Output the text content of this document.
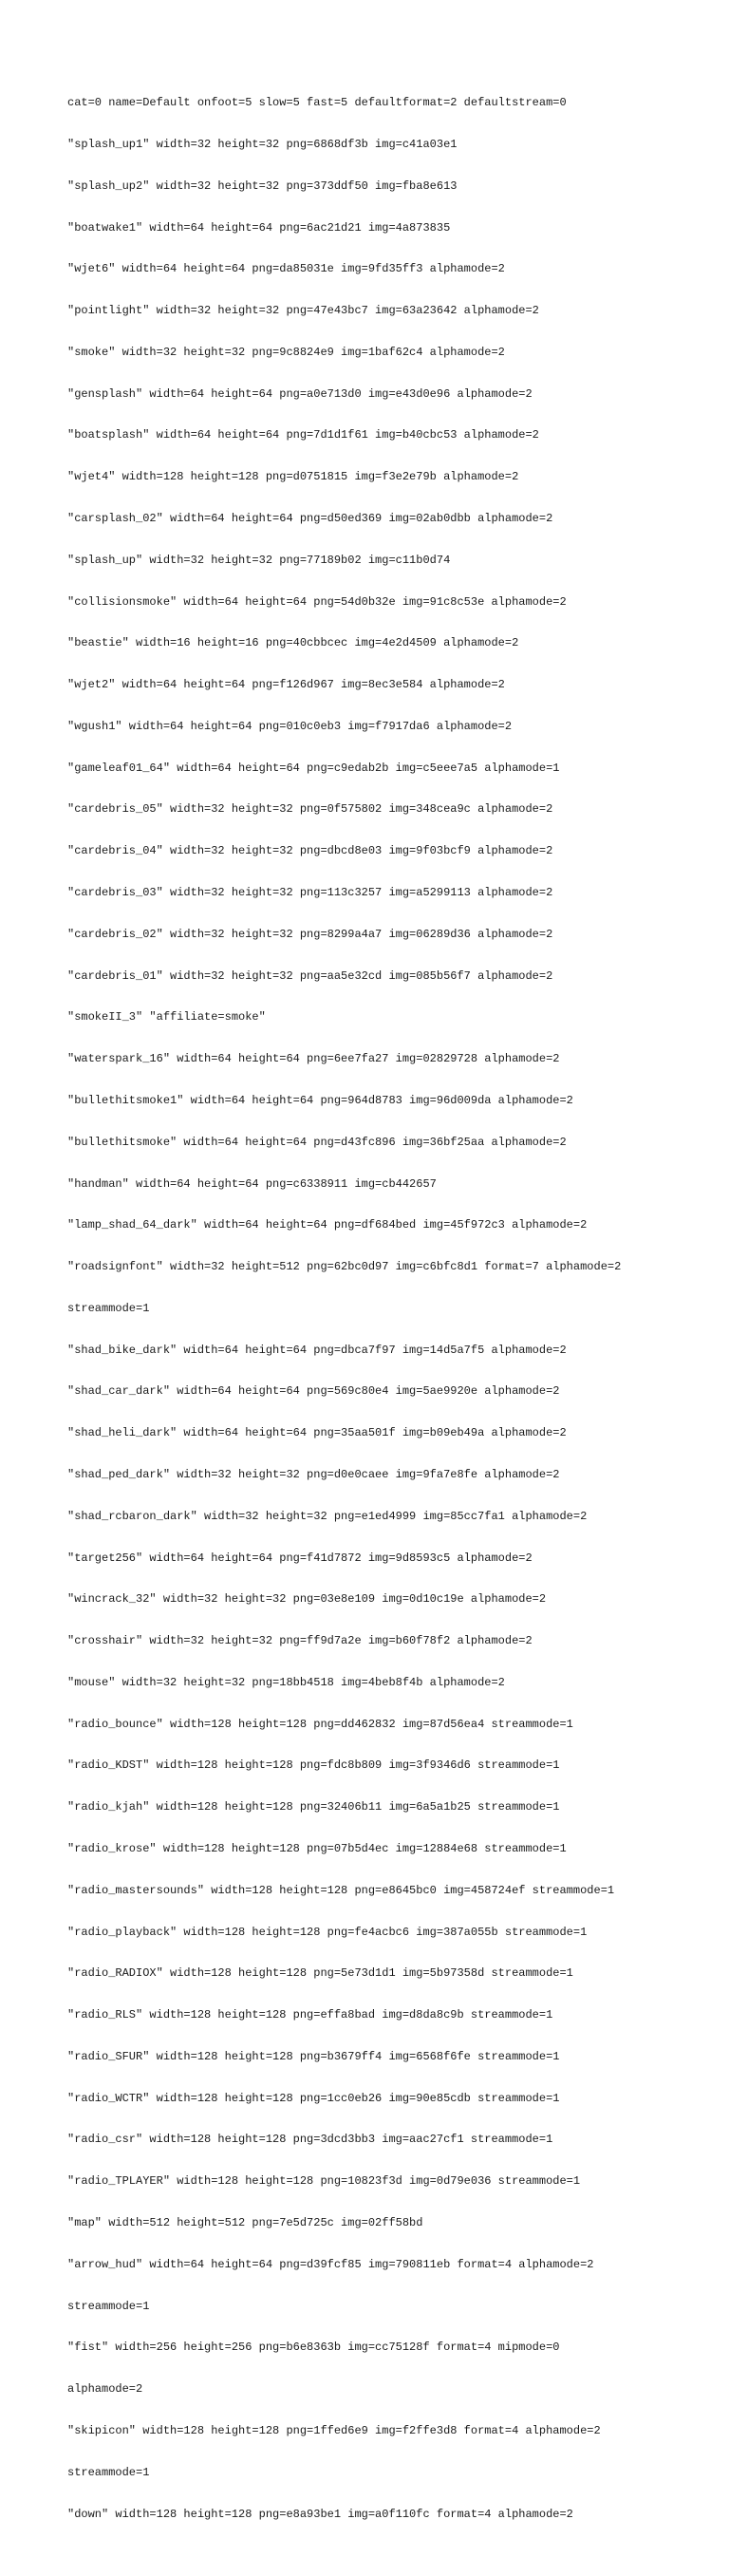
cat=0 name=Default onfoot=5 slow=5 fast=5 defaultformat=2 defaultstream=0

"splash_up1" width=32 height=32 png=6868df3b img=c41a03e1

"splash_up2" width=32 height=32 png=373ddf50 img=fba8e613

"boatwake1" width=64 height=64 png=6ac21d21 img=4a873835

"wjet6" width=64 height=64 png=da85031e img=9fd35ff3 alphamode=2

"pointlight" width=32 height=32 png=47e43bc7 img=63a23642 alphamode=2

"smoke" width=32 height=32 png=9c8824e9 img=1baf62c4 alphamode=2

"gensplash" width=64 height=64 png=a0e713d0 img=e43d0e96 alphamode=2

"boatsplash" width=64 height=64 png=7d1d1f61 img=b40cbc53 alphamode=2

"wjet4" width=128 height=128 png=d0751815 img=f3e2e79b alphamode=2

"carsplash_02" width=64 height=64 png=d50ed369 img=02ab0dbb alphamode=2

"splash_up" width=32 height=32 png=77189b02 img=c11b0d74

"collisionsmoke" width=64 height=64 png=54d0b32e img=91c8c53e alphamode=2

"beastie" width=16 height=16 png=40cbbcec img=4e2d4509 alphamode=2

"wjet2" width=64 height=64 png=f126d967 img=8ec3e584 alphamode=2

"wgush1" width=64 height=64 png=010c0eb3 img=f7917da6 alphamode=2

"gameleaf01_64" width=64 height=64 png=c9edab2b img=c5eee7a5 alphamode=1

"cardebris_05" width=32 height=32 png=0f575802 img=348cea9c alphamode=2

"cardebris_04" width=32 height=32 png=dbcd8e03 img=9f03bcf9 alphamode=2

"cardebris_03" width=32 height=32 png=113c3257 img=a5299113 alphamode=2

"cardebris_02" width=32 height=32 png=8299a4a7 img=06289d36 alphamode=2

"cardebris_01" width=32 height=32 png=aa5e32cd img=085b56f7 alphamode=2

"smokeII_3" "affiliate=smoke"

"waterspark_16" width=64 height=64 png=6ee7fa27 img=02829728 alphamode=2

"bullethitsmoke1" width=64 height=64 png=964d8783 img=96d009da alphamode=2

"bullethitsmoke" width=64 height=64 png=d43fc896 img=36bf25aa alphamode=2

"handman" width=64 height=64 png=c6338911 img=cb442657

"lamp_shad_64_dark" width=64 height=64 png=df684bed img=45f972c3 alphamode=2

"roadsignfont" width=32 height=512 png=62bc0d97 img=c6bfc8d1 format=7 alphamode=2

streammode=1

"shad_bike_dark" width=64 height=64 png=dbca7f97 img=14d5a7f5 alphamode=2

"shad_car_dark" width=64 height=64 png=569c80e4 img=5ae9920e alphamode=2

"shad_heli_dark" width=64 height=64 png=35aa501f img=b09eb49a alphamode=2

"shad_ped_dark" width=32 height=32 png=d0e0caee img=9fa7e8fe alphamode=2

"shad_rcbaron_dark" width=32 height=32 png=e1ed4999 img=85cc7fa1 alphamode=2

"target256" width=64 height=64 png=f41d7872 img=9d8593c5 alphamode=2

"wincrack_32" width=32 height=32 png=03e8e109 img=0d10c19e alphamode=2

"crosshair" width=32 height=32 png=ff9d7a2e img=b60f78f2 alphamode=2

"mouse" width=32 height=32 png=18bb4518 img=4beb8f4b alphamode=2

"radio_bounce" width=128 height=128 png=dd462832 img=87d56ea4 streammode=1

"radio_KDST" width=128 height=128 png=fdc8b809 img=3f9346d6 streammode=1

"radio_kjah" width=128 height=128 png=32406b11 img=6a5a1b25 streammode=1

"radio_krose" width=128 height=128 png=07b5d4ec img=12884e68 streammode=1

"radio_mastersounds" width=128 height=128 png=e8645bc0 img=458724ef streammode=1

"radio_playback" width=128 height=128 png=fe4acbc6 img=387a055b streammode=1

"radio_RADIOX" width=128 height=128 png=5e73d1d1 img=5b97358d streammode=1

"radio_RLS" width=128 height=128 png=effa8bad img=d8da8c9b streammode=1

"radio_SFUR" width=128 height=128 png=b3679ff4 img=6568f6fe streammode=1

"radio_WCTR" width=128 height=128 png=1cc0eb26 img=90e85cdb streammode=1

"radio_csr" width=128 height=128 png=3dcd3bb3 img=aac27cf1 streammode=1

"radio_TPLAYER" width=128 height=128 png=10823f3d img=0d79e036 streammode=1

"map" width=512 height=512 png=7e5d725c img=02ff58bd

"arrow_hud" width=64 height=64 png=d39fcf85 img=790811eb format=4 alphamode=2

streammode=1

"fist" width=256 height=256 png=b6e8363b img=cc75128f format=4 mipmode=0

alphamode=2

"skipicon" width=128 height=128 png=1ffed6e9 img=f2ffe3d8 format=4 alphamode=2

streammode=1

"down" width=128 height=128 png=e8a93be1 img=a0f110fc format=4 alphamode=2
